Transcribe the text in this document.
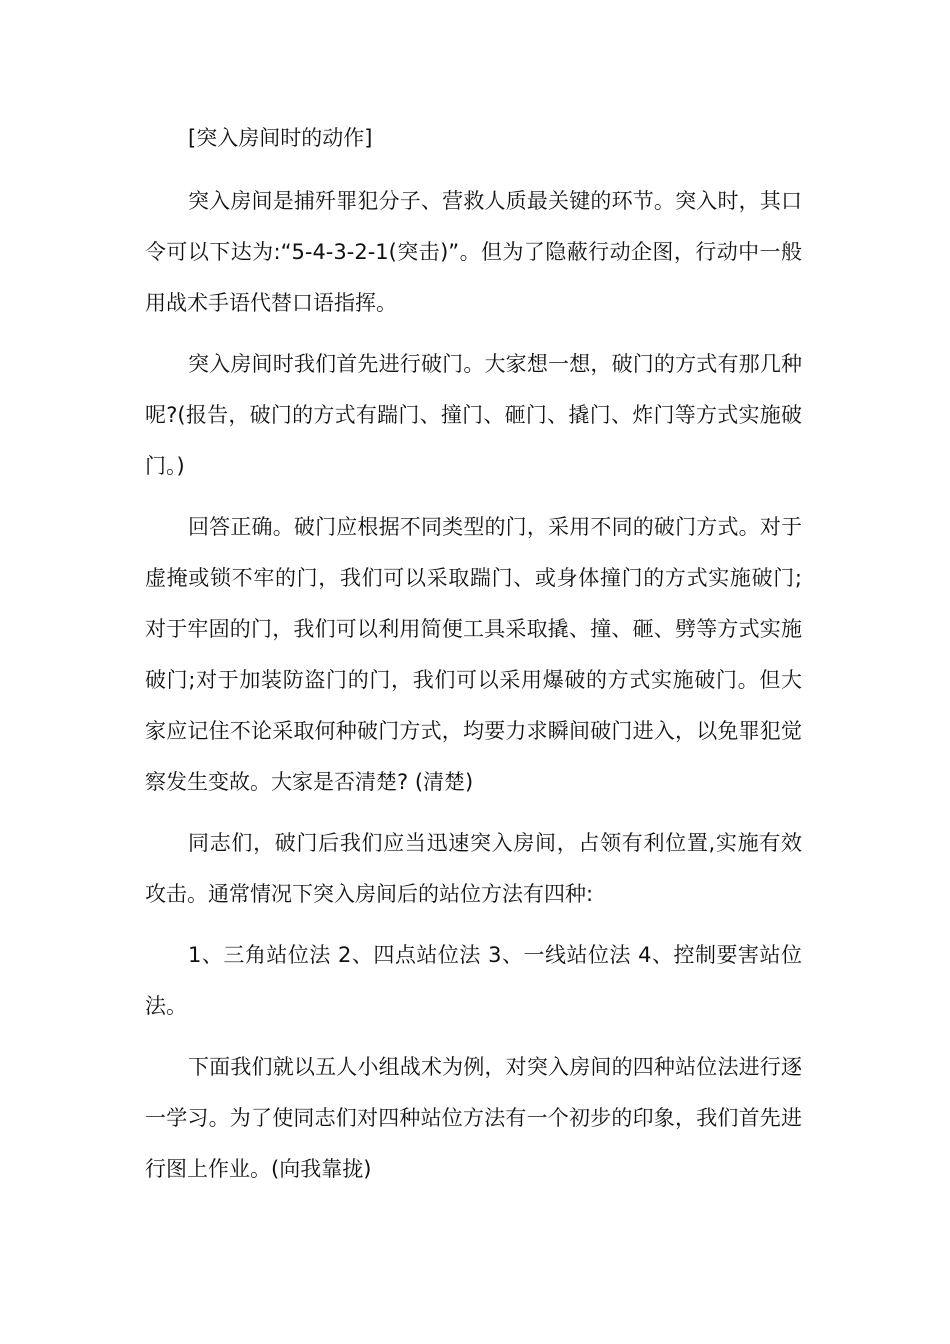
[突入房间时的动作]

突入房间是捕歼罪犯分子、营救人质最关键的环节。突入时，其口令可以下达为:“5-4-3-2-1(突击)”。但为了隐蔽行动企图，行动中一般用战术手语代替口语指挥。

突入房间时我们首先进行破门。大家想一想，破门的方式有那几种呢?(报告，破门的方式有踹门、撞门、砸门、撬门、炸门等方式实施破门。)

回答正确。破门应根据不同类型的门，采用不同的破门方式。对于虚掩或锁不牢的门，我们可以采取踹门、或身体撞门的方式实施破门;对于牢固的门，我们可以利用简便工具采取撬、撞、砸、劈等方式实施破门;对于加装防盗门的门，我们可以采用爆破的方式实施破门。但大家应记住不论采取何种破门方式，均要力求瞬间破门进入，以免罪犯觉察发生变故。大家是否清楚? (清楚)

同志们，破门后我们应当迅速突入房间，占领有利位置,实施有效攻击。通常情况下突入房间后的站位方法有四种:

1、三角站位法 2、四点站位法 3、一线站位法 4、控制要害站位法。

下面我们就以五人小组战术为例，对突入房间的四种站位法进行逐一学习。为了使同志们对四种站位方法有一个初步的印象，我们首先进行图上作业。(向我靠拢)
